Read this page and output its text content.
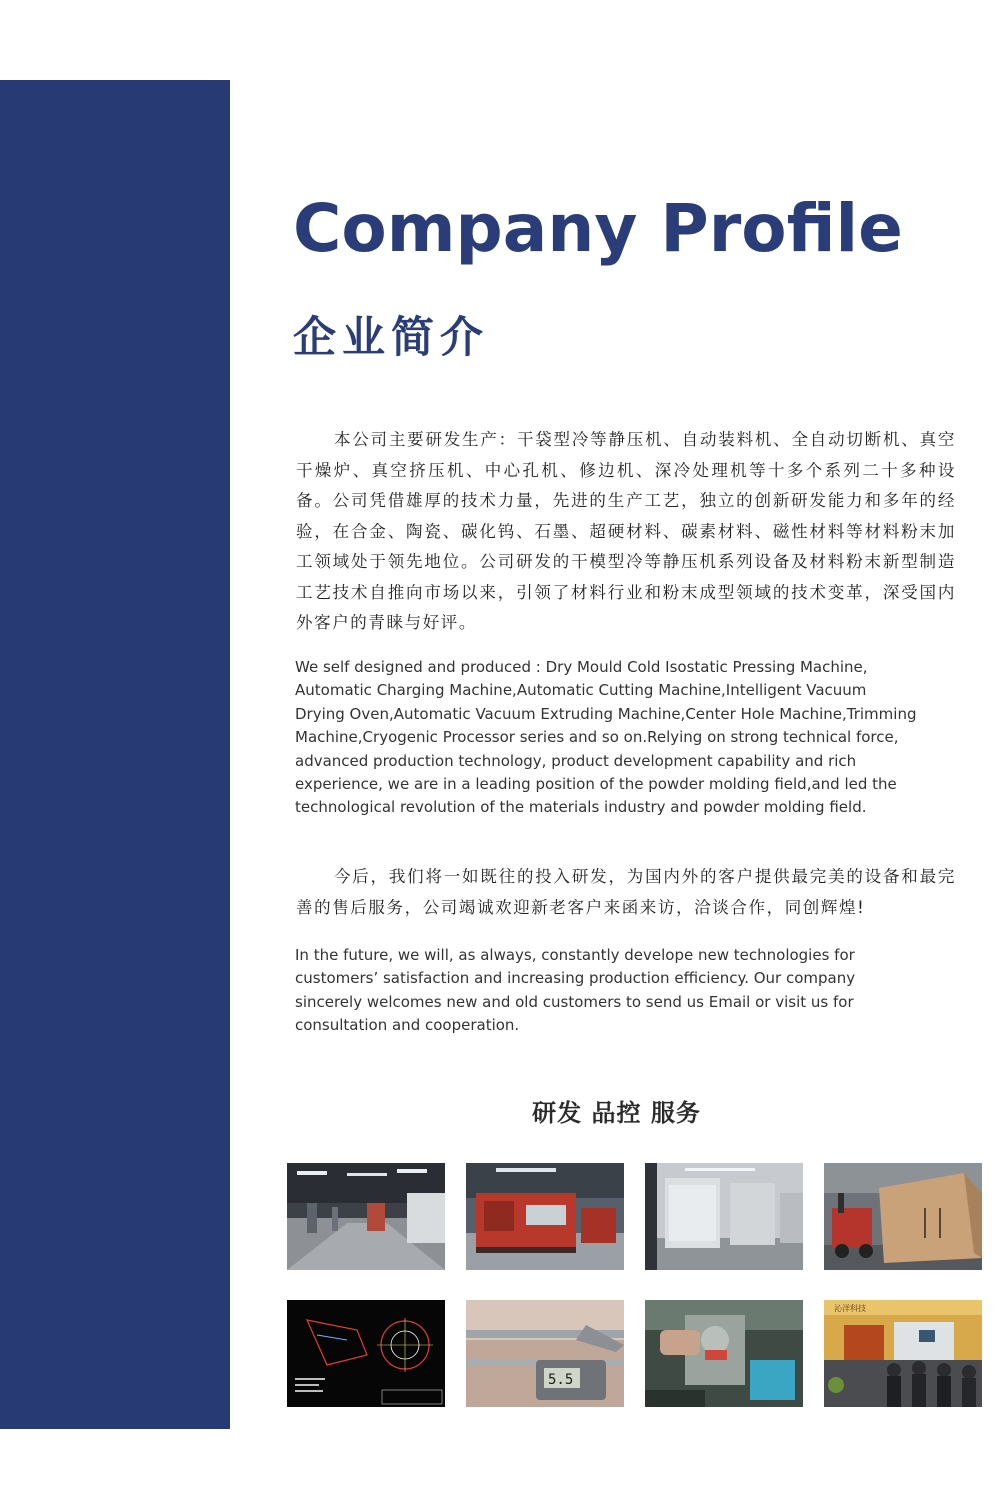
Company Profile
企业简介

本公司主要研发生产：干袋型冷等静压机、自动装料机、全自动切断机、真空干燥炉、真空挤压机、中心孔机、修边机、深冷处理机等十多个系列二十多种设备。公司凭借雄厚的技术力量，先进的生产工艺，独立的创新研发能力和多年的经验，在合金、陶瓷、碳化钨、石墨、超硬材料、碳素材料、磁性材料等材料粉末加工领域处于领先地位。公司研发的干模型冷等静压机系列设备及材料粉末新型制造工艺技术自推向市场以来，引领了材料行业和粉末成型领域的技术变革，深受国内外客户的青睐与好评。

We self designed and produced : Dry Mould Cold Isostatic Pressing Machine,
Automatic Charging Machine,Automatic Cutting Machine,Intelligent Vacuum
Drying Oven,Automatic Vacuum Extruding Machine,Center Hole Machine,Trimming
Machine,Cryogenic Processor series and so on.Relying on strong technical force,
advanced production technology, product development capability and rich
experience, we are in a leading position of the powder molding field,and led the
technological revolution of the materials industry and powder molding field.

今后，我们将一如既往的投入研发，为国内外的客户提供最完美的设备和最完善的售后服务，公司竭诚欢迎新老客户来函来访，洽谈合作，同创辉煌!

In the future, we will, as always, constantly develope new technologies for
customers’ satisfaction and increasing production efficiency. Our company
sincerely welcomes new and old customers to send us Email or visit us for
consultation and cooperation.
研发 品控 服务
5.5
沁洋科技
